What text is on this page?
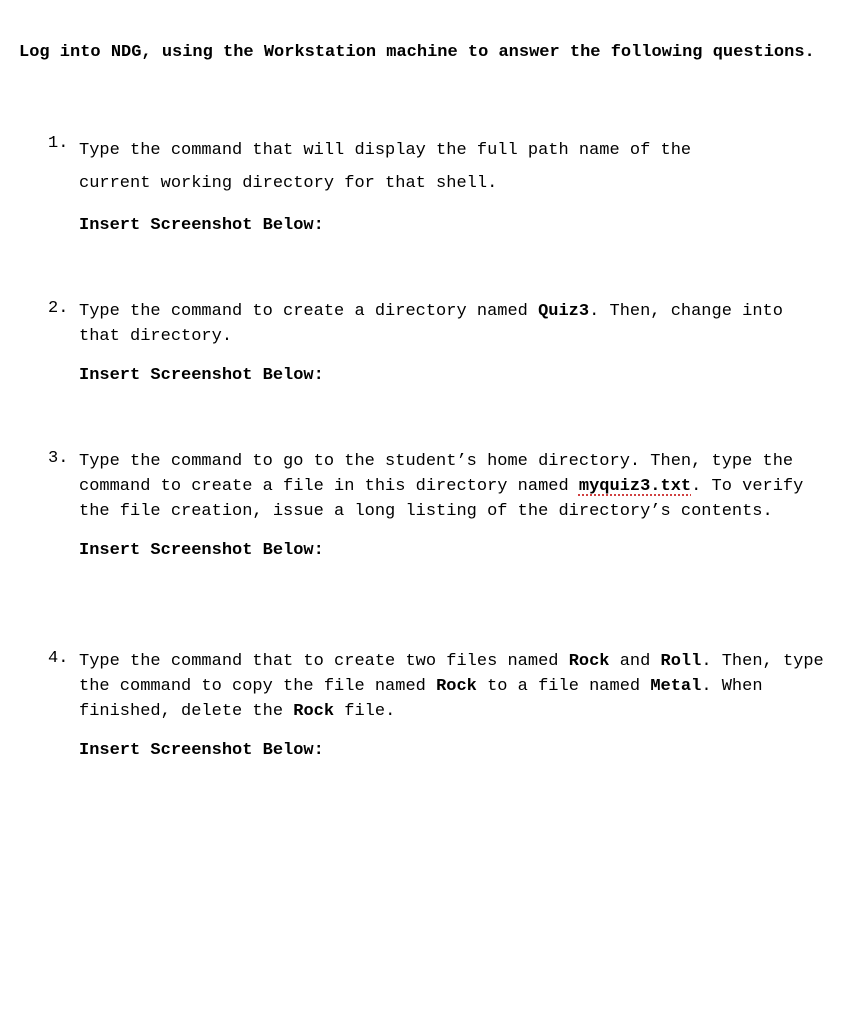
Log into NDG, using the Workstation machine to answer the following questions.

1. Type the command that will display the full path name of the
current working directory for that shell.

Insert Screenshot Below:

2. Type the command to create a directory named Quiz3. Then, change into that directory.

Insert Screenshot Below:

3. Type the command to go to the student’s home directory. Then, type the command to create a file in this directory named myquiz3.txt. To verify the file creation, issue a long listing of the directory’s contents.

Insert Screenshot Below:

4. Type the command that to create two files named Rock and Roll. Then, type the command to copy the file named Rock to a file named Metal. When finished, delete the Rock file.

Insert Screenshot Below:
